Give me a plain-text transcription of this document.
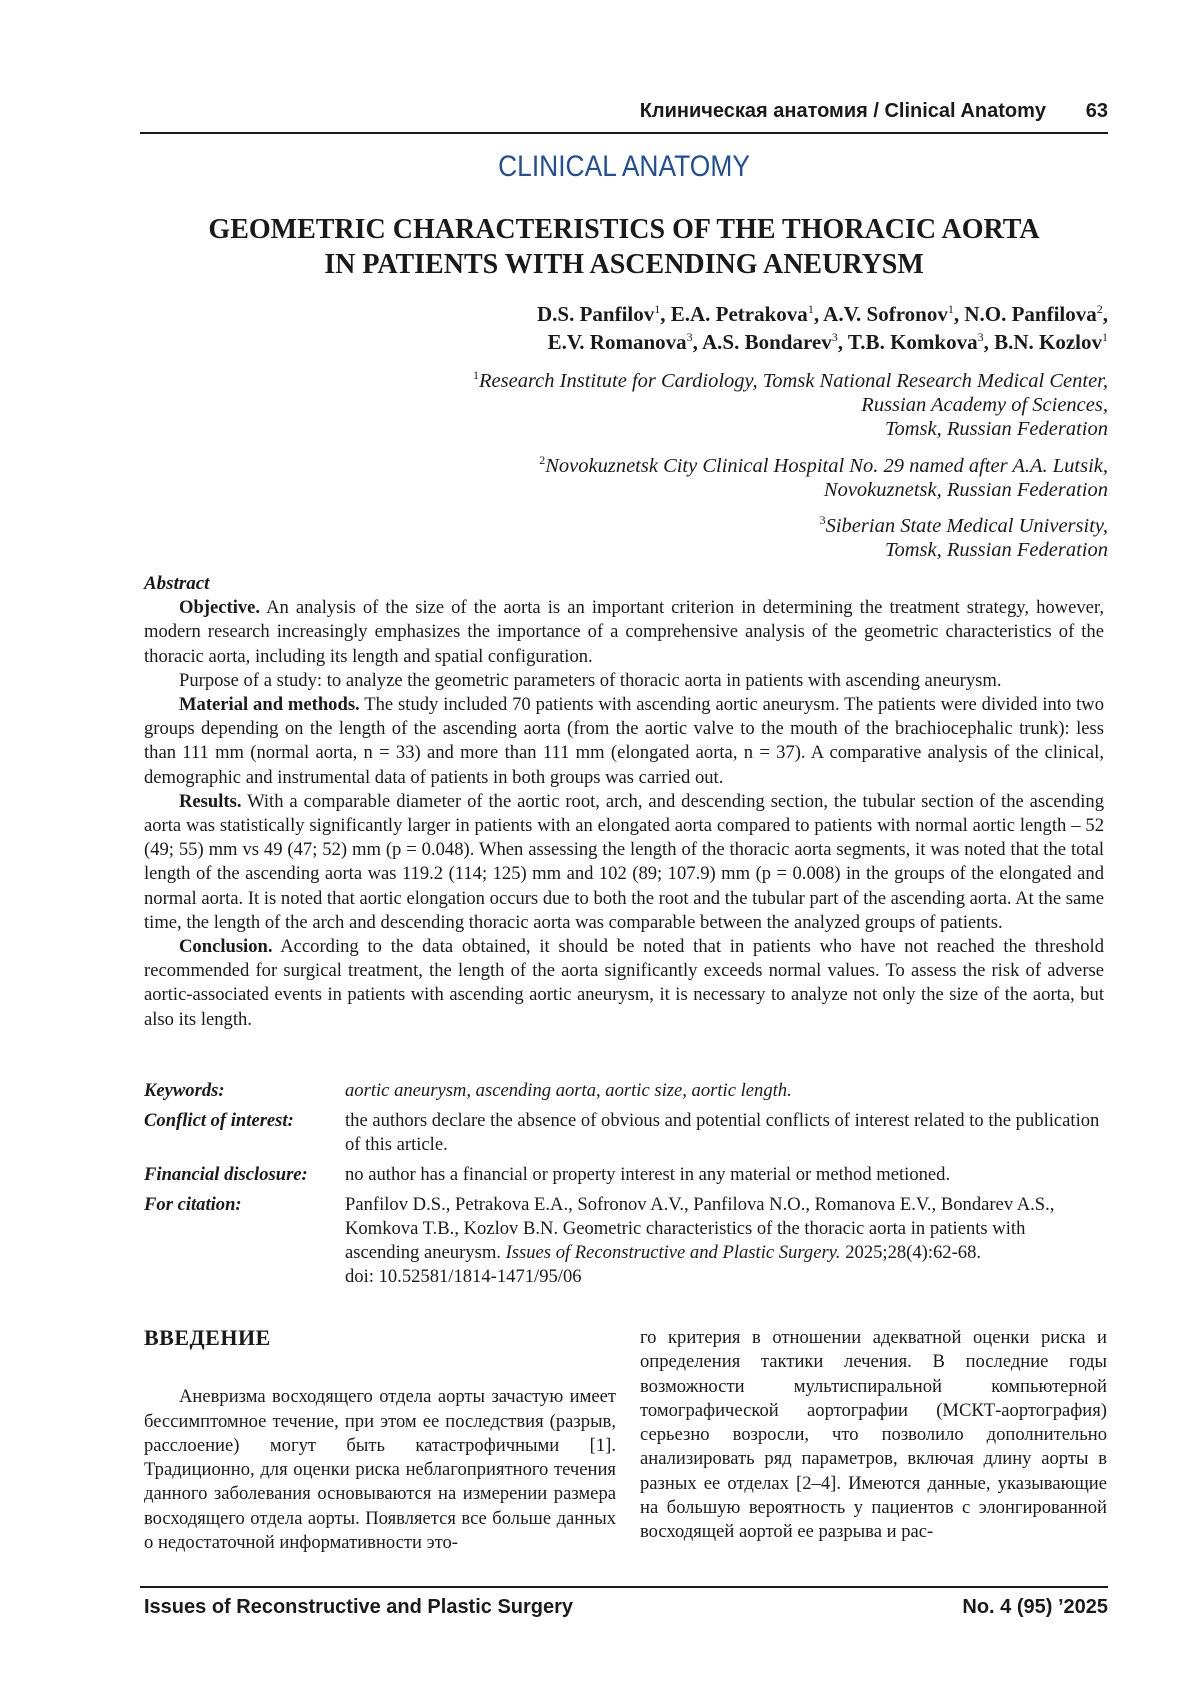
Клиническая анатомия / Clinical Anatomy 63
CLINICAL ANATOMY
GEOMETRIC CHARACTERISTICS OF THE THORACIC AORTA
IN PATIENTS WITH ASCENDING ANEURYSM
D.S. Panfilov$^1$, E.A. Petrakova$^1$, A.V. Sofronov$^1$, N.O. Panfilova$^2$,
E.V. Romanova$^3$, A.S. Bondarev$^3$, T.B. Komkova$^3$, B.N. Kozlov$^1$
$^1$Research Institute for Cardiology, Tomsk National Research Medical Center,
Russian Academy of Sciences,
Tomsk, Russian Federation
$^2$Novokuznetsk City Clinical Hospital No. 29 named after A.A. Lutsik,
Novokuznetsk, Russian Federation
$^3$Siberian State Medical University,
Tomsk, Russian Federation
Abstract

Objective. An analysis of the size of the aorta is an important criterion in determining the treatment strategy, however, modern research increasingly emphasizes the importance of a comprehensive analysis of the geometric characteristics of the thoracic aorta, including its length and spatial configuration.

Purpose of a study: to analyze the geometric parameters of thoracic aorta in patients with ascending aneurysm.

Material and methods. The study included 70 patients with ascending aortic aneurysm. The patients were divided into two groups depending on the length of the ascending aorta (from the aortic valve to the mouth of the brachiocephalic trunk): less than 111 mm (normal aorta, n = 33) and more than 111 mm (elongated aorta, n = 37). A comparative analysis of the clinical, demographic and instrumental data of patients in both groups was carried out.

Results. With a comparable diameter of the aortic root, arch, and descending section, the tubular section of the ascending aorta was statistically significantly larger in patients with an elongated aorta compared to patients with normal aortic length – 52 (49; 55) mm vs 49 (47; 52) mm (p = 0.048). When assessing the length of the thoracic aorta segments, it was noted that the total length of the ascending aorta was 119.2 (114; 125) mm and 102 (89; 107.9) mm (p = 0.008) in the groups of the elongated and normal aorta. It is noted that aortic elongation occurs due to both the root and the tubular part of the ascending aorta. At the same time, the length of the arch and descending thoracic aorta was comparable between the analyzed groups of patients.

Conclusion. According to the data obtained, it should be noted that in patients who have not reached the threshold recommended for surgical treatment, the length of the aorta significantly exceeds normal values. To assess the risk of adverse aortic-associated events in patients with ascending aortic aneurysm, it is necessary to analyze not only the size of the aorta, but also its length.

Keywords:	aortic aneurysm, ascending aorta, aortic size, aortic length.
Conflict of interest:	the authors declare the absence of obvious and potential conflicts of interest related to the publication of this article.
Financial disclosure:	no author has a financial or property interest in any material or method metioned.
For citation:	Panfilov D.S., Petrakova E.A., Sofronov A.V., Panfilova N.O., Romanova E.V., Bondarev A.S., Komkova T.B., Kozlov B.N. Geometric characteristics of the thoracic aorta in patients with ascending aneurysm. Issues of Reconstructive and Plastic Surgery. 2025;28(4):62-68.
doi: 10.52581/1814-1471/95/06
ВВЕДЕНИЕ

Аневризма восходящего отдела аорты зачастую имеет бессимптомное течение, при этом ее последствия (разрыв, расслоение) могут быть катастрофичными [1]. Традиционно, для оценки риска неблагоприятного течения данного заболевания основываются на измерении размера восходящего отдела аорты. Появляется все больше данных о недостаточной информативности это-

го критерия в отношении адекватной оценки риска и определения тактики лечения. В последние годы возможности мультиспиральной компьютерной томографической аортографии (МСКТ-аортография) серьезно возросли, что позволило дополнительно анализировать ряд параметров, включая длину аорты в разных ее отделах [2–4]. Имеются данные, указывающие на большую вероятность у пациентов с элонгированной восходящей аортой ее разрыва и рас-

Issues of Reconstructive and Plastic Surgery	No. 4 (95) ’2025
